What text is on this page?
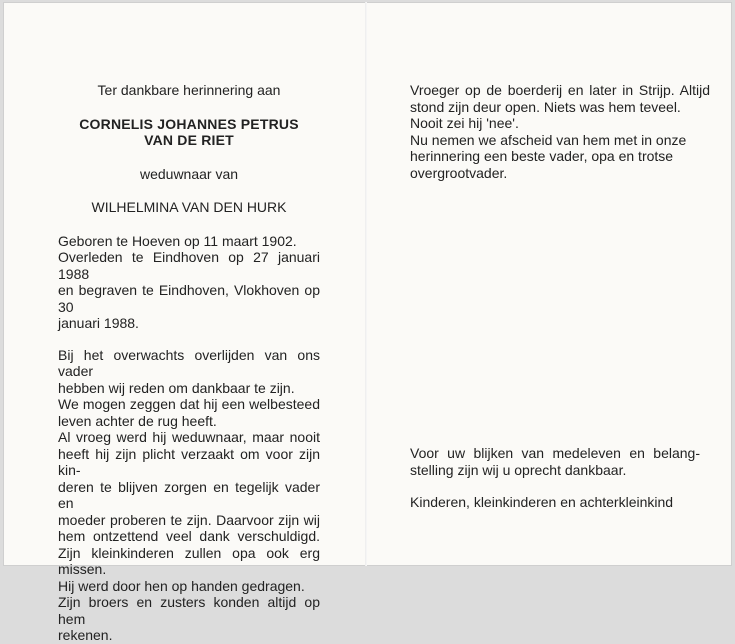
Ter dankbare herinnering aan
CORNELIS JOHANNES PETRUS
VAN DE RIET
weduwnaar van
WILHELMINA VAN DEN HURK
Geboren te Hoeven op 11 maart 1902.
Overleden te Eindhoven op 27 januari 1988
en begraven te Eindhoven, Vlokhoven op 30
januari 1988.
Bij het overwachts overlijden van ons vader
hebben wij reden om dankbaar te zijn.
We mogen zeggen dat hij een welbesteed
leven achter de rug heeft.
Al vroeg werd hij weduwnaar, maar nooit
heeft hij zijn plicht verzaakt om voor zijn kin-
deren te blijven zorgen en tegelijk vader en
moeder proberen te zijn. Daarvoor zijn wij
hem ontzettend veel dank verschuldigd.
Zijn kleinkinderen zullen opa ook erg missen.
Hij werd door hen op handen gedragen.
Zijn broers en zusters konden altijd op hem
rekenen.
Vroeger op de boerderij en later in Strijp. Altijd
stond zijn deur open. Niets was hem teveel.
Nooit zei hij 'nee'.
Nu nemen we afscheid van hem met in onze
herinnering een beste vader, opa en trotse
overgrootvader.
Voor uw blijken van medeleven en belang-
stelling zijn wij u oprecht dankbaar.
Kinderen, kleinkinderen en achterkleinkind
